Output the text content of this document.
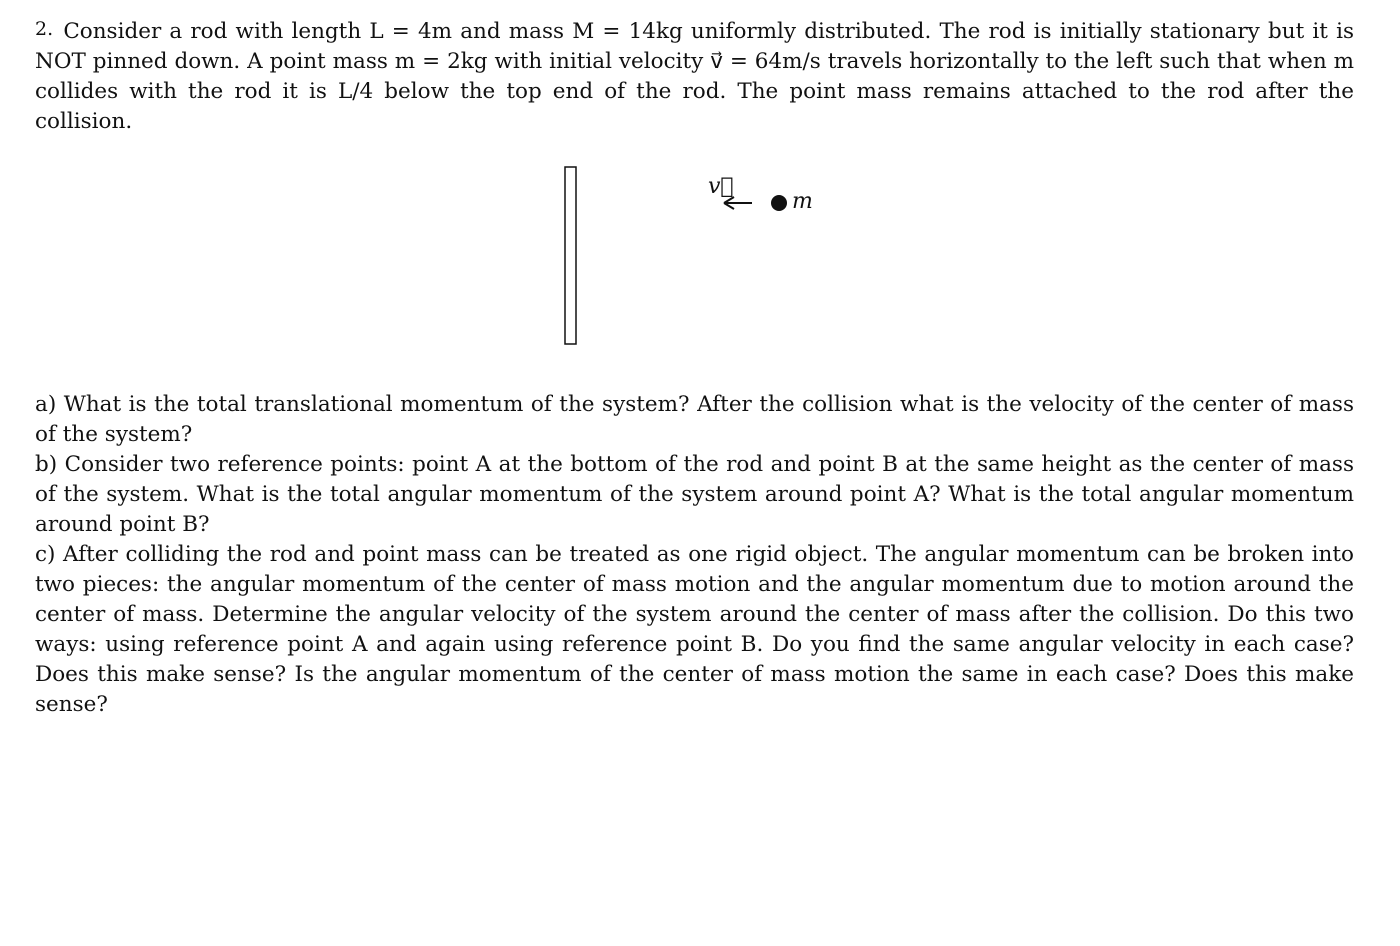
2. Consider a rod with length L = 4m and mass M = 14kg uniformly distributed. The rod is initially stationary but it is NOT pinned down. A point mass m = 2kg with initial velocity v⃗ = 64m/s travels horizontally to the left such that when m collides with the rod it is L/4 below the top end of the rod. The point mass remains attached to the rod after the collision.
v⃗
m
a) What is the total translational momentum of the system? After the collision what is the velocity of the center of mass of the system?
b) Consider two reference points: point A at the bottom of the rod and point B at the same height as the center of mass of the system. What is the total angular momentum of the system around point A? What is the total angular momentum around point B?
c) After colliding the rod and point mass can be treated as one rigid object. The angular momentum can be broken into two pieces: the angular momentum of the center of mass motion and the angular momentum due to motion around the center of mass. Determine the angular velocity of the system around the center of mass after the collision. Do this two ways: using reference point A and again using reference point B. Do you find the same angular velocity in each case? Does this make sense? Is the angular momentum of the center of mass motion the same in each case? Does this make sense?
